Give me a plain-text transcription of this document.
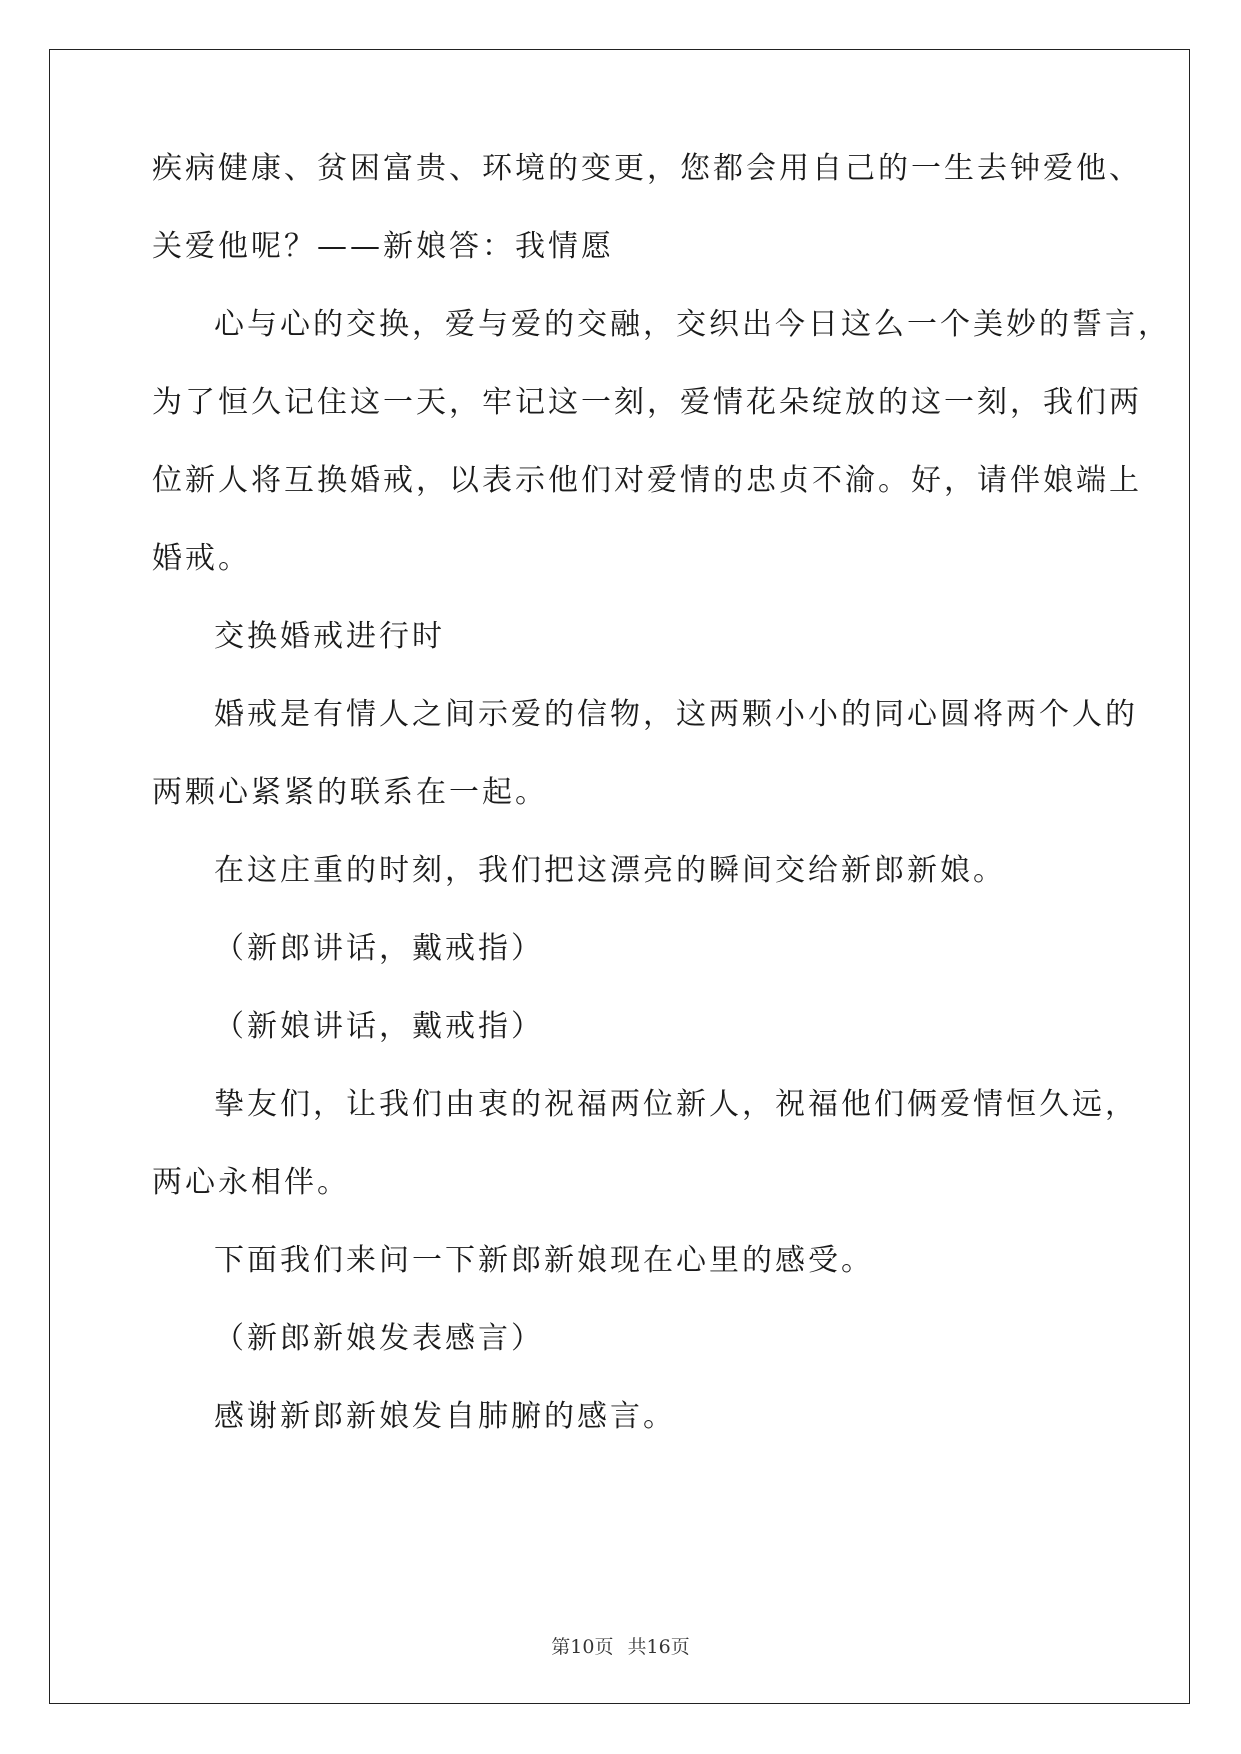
疾病健康、贫困富贵、环境的变更，您都会用自己的一生去钟爱他、
关爱他呢？——新娘答：我情愿
心与心的交换，爱与爱的交融，交织出今日这么一个美妙的誓言，
为了恒久记住这一天，牢记这一刻，爱情花朵绽放的这一刻，我们两
位新人将互换婚戒，以表示他们对爱情的忠贞不渝。好，请伴娘端上
婚戒。
交换婚戒进行时
婚戒是有情人之间示爱的信物，这两颗小小的同心圆将两个人的
两颗心紧紧的联系在一起。
在这庄重的时刻，我们把这漂亮的瞬间交给新郎新娘。
（新郎讲话，戴戒指）
（新娘讲话，戴戒指）
挚友们，让我们由衷的祝福两位新人，祝福他们俩爱情恒久远，
两心永相伴。
下面我们来问一下新郎新娘现在心里的感受。
（新郎新娘发表感言）
感谢新郎新娘发自肺腑的感言。
第10页 共16页
